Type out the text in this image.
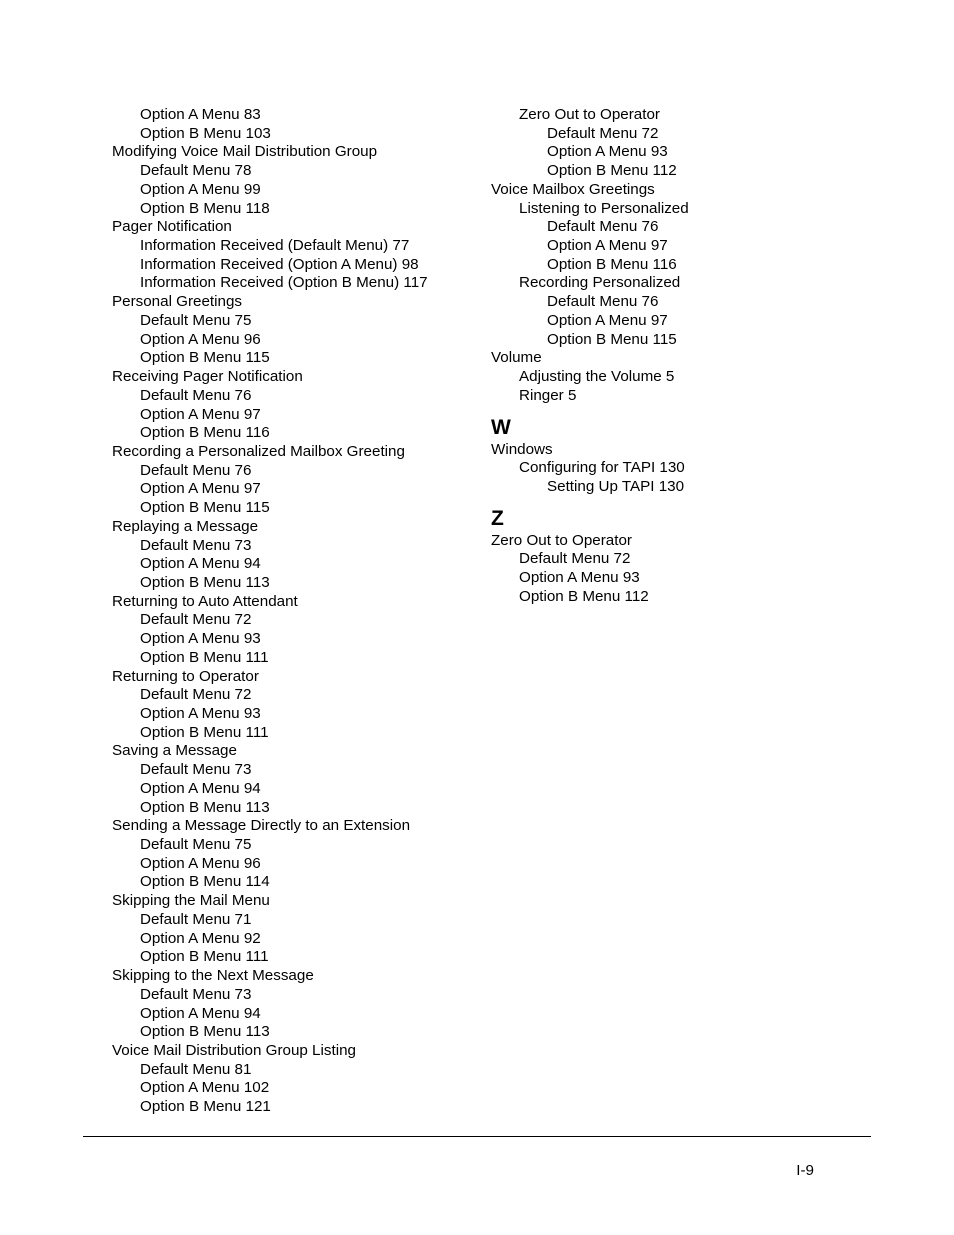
Option A Menu 83
Option B Menu 103
Modifying Voice Mail Distribution Group
Default Menu 78
Option A Menu 99
Option B Menu 118
Pager Notification
Information Received (Default Menu) 77
Information Received (Option A Menu) 98
Information Received (Option B Menu) 117
Personal Greetings
Default Menu 75
Option A Menu 96
Option B Menu 115
Receiving Pager Notification
Default Menu 76
Option A Menu 97
Option B Menu 116
Recording a Personalized Mailbox Greeting
Default Menu 76
Option A Menu 97
Option B Menu 115
Replaying a Message
Default Menu 73
Option A Menu 94
Option B Menu 113
Returning to Auto Attendant
Default Menu 72
Option A Menu 93
Option B Menu 111
Returning to Operator
Default Menu 72
Option A Menu 93
Option B Menu 111
Saving a Message
Default Menu 73
Option A Menu 94
Option B Menu 113
Sending a Message Directly to an Extension
Default Menu 75
Option A Menu 96
Option B Menu 114
Skipping the Mail Menu
Default Menu 71
Option A Menu 92
Option B Menu 111
Skipping to the Next Message
Default Menu 73
Option A Menu 94
Option B Menu 113
Voice Mail Distribution Group Listing
Default Menu 81
Option A Menu 102
Option B Menu 121
Zero Out to Operator
Default Menu 72
Option A Menu 93
Option B Menu 112
Voice Mailbox Greetings
Listening to Personalized
Default Menu 76
Option A Menu 97
Option B Menu 116
Recording Personalized
Default Menu 76
Option A Menu 97
Option B Menu 115
Volume
Adjusting the Volume 5
Ringer 5
W
Windows
Configuring for TAPI 130
Setting Up TAPI 130
Z
Zero Out to Operator
Default Menu 72
Option A Menu 93
Option B Menu 112
I-9
